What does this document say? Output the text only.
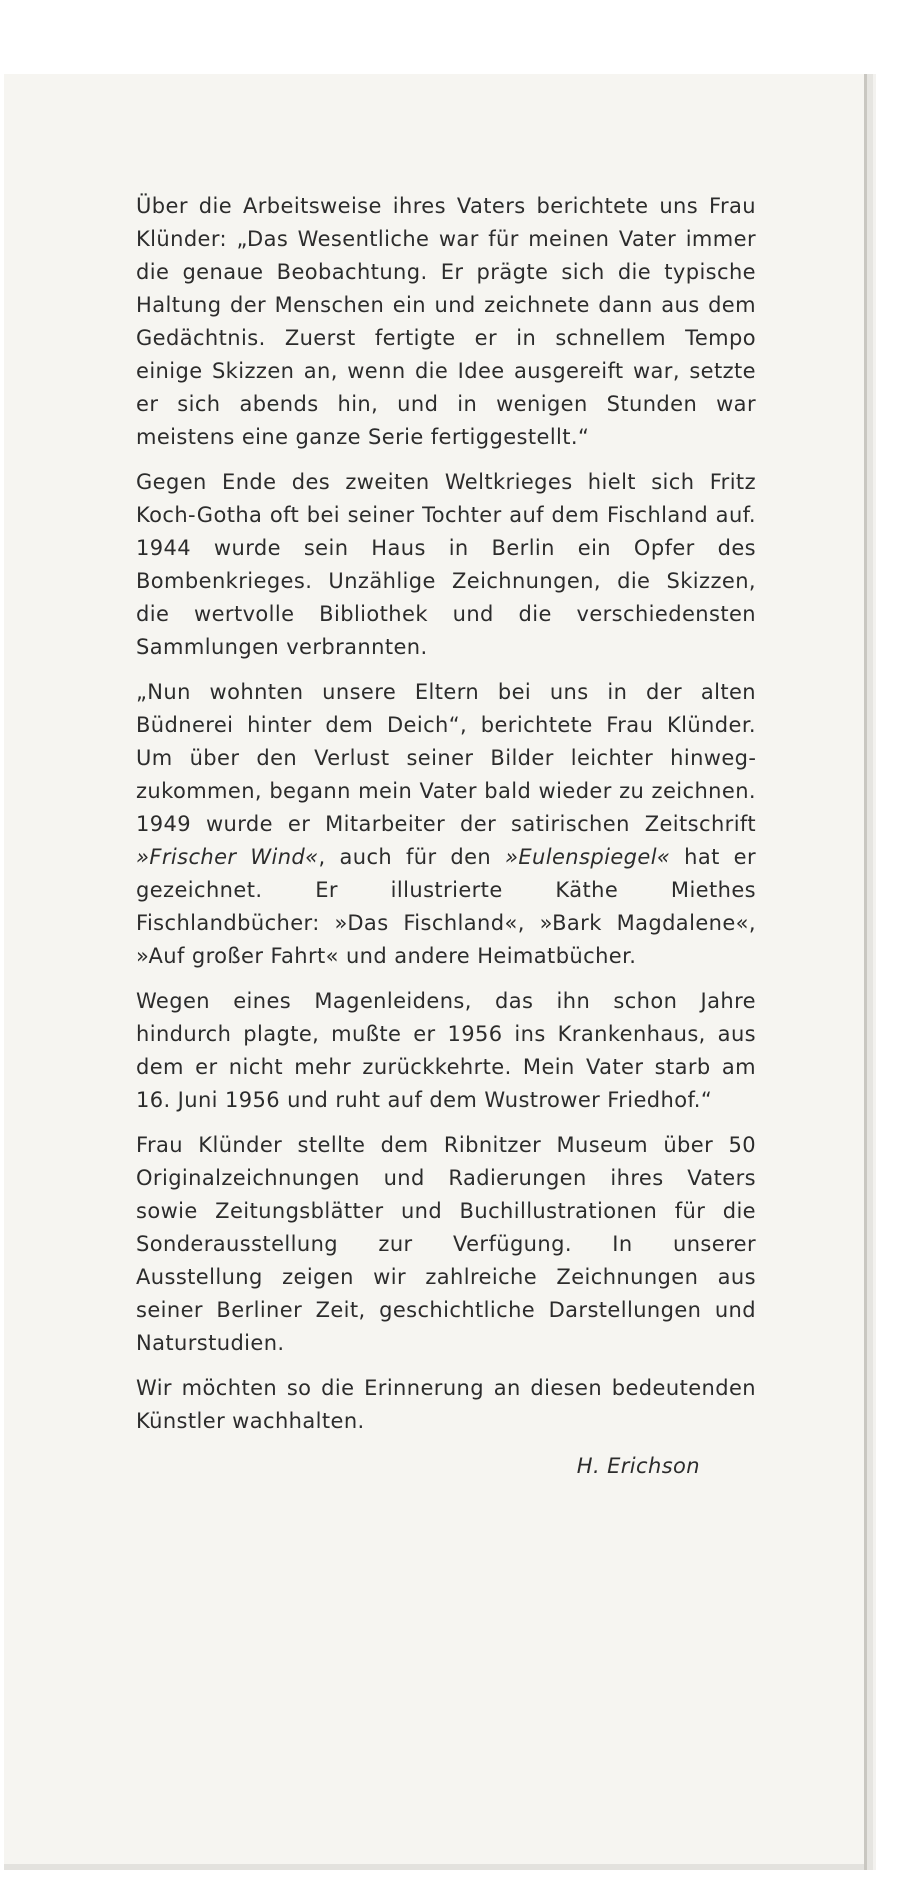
Über die Arbeitsweise ihres Vaters berichtete uns Frau Klünder: „Das Wesentliche war für meinen Vater immer die genaue Beobachtung. Er prägte sich die typische Haltung der Menschen ein und zeichnete dann aus dem Gedächtnis. Zuerst fertigte er in schnellem Tempo einige Skizzen an, wenn die Idee ausgereift war, setzte er sich abends hin, und in wenigen Stunden war meistens eine ganze Serie fertiggestellt.“

Gegen Ende des zweiten Weltkrieges hielt sich Fritz Koch-Gotha oft bei seiner Tochter auf dem Fischland auf. 1944 wurde sein Haus in Berlin ein Opfer des Bombenkrieges. Unzählige Zeichnungen, die Skizzen, die wertvolle Bibliothek und die verschiedensten Sammlungen verbrannten.

„Nun wohnten unsere Eltern bei uns in der alten Büdnerei hinter dem Deich“, berichtete Frau Klünder. Um über den Verlust seiner Bilder leichter hinwegzukommen, begann mein Vater bald wieder zu zeichnen. 1949 wurde er Mitarbeiter der satirischen Zeitschrift »Frischer Wind«, auch für den »Eulenspiegel« hat er gezeichnet. Er illustrierte Käthe Miethes Fischlandbücher: »Das Fischland«, »Bark Magdalene«, »Auf großer Fahrt« und andere Heimatbücher.

Wegen eines Magenleidens, das ihn schon Jahre hindurch plagte, mußte er 1956 ins Krankenhaus, aus dem er nicht mehr zurückkehrte. Mein Vater starb am 16. Juni 1956 und ruht auf dem Wustrower Friedhof.“

Frau Klünder stellte dem Ribnitzer Museum über 50 Originalzeichnungen und Radierungen ihres Vaters sowie Zeitungsblätter und Buchillustrationen für die Sonderausstellung zur Verfügung. In unserer Ausstellung zeigen wir zahlreiche Zeichnungen aus seiner Berliner Zeit, geschichtliche Darstellungen und Naturstudien.

Wir möchten so die Erinnerung an diesen bedeutenden Künstler wachhalten.

H. Erichson
